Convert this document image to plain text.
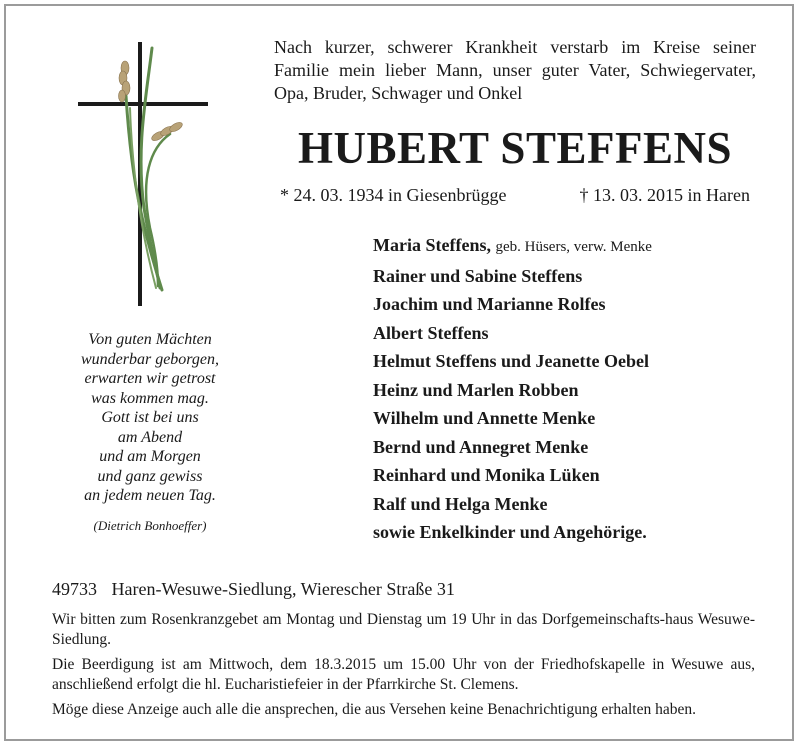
Nach kurzer, schwerer Krankheit verstarb im Kreise seiner
Familie mein lieber Mann, unser guter Vater, Schwiegervater,
Opa, Bruder, Schwager und Onkel
HUBERT STEFFENS
* 24. 03. 1934 in Giesenbrügge	† 13. 03. 2015 in Haren
Maria Steffens, geb. Hüsers, verw. Menke
Rainer und Sabine Steffens
Joachim und Marianne Rolfes
Albert Steffens
Helmut Steffens und Jeanette Oebel
Heinz und Marlen Robben
Wilhelm und Annette Menke
Bernd und Annegret Menke
Reinhard und Monika Lüken
Ralf und Helga Menke
sowie Enkelkinder und Angehörige.
Von guten Mächten
wunderbar geborgen,
erwarten wir getrost
was kommen mag.
Gott ist bei uns
am Abend
und am Morgen
und ganz gewiss
an jedem neuen Tag.
(Dietrich Bonhoeffer)
49733 Haren-Wesuwe-Siedlung, Wierescher Straße 31

Wir bitten zum Rosenkranzgebet am Montag und Dienstag um 19 Uhr in das Dorfgemeinschafts-haus Wesuwe-Siedlung.

Die Beerdigung ist am Mittwoch, dem 18.3.2015 um 15.00 Uhr von der Friedhofskapelle in Wesuwe aus, anschließend erfolgt die hl. Eucharistiefeier in der Pfarrkirche St. Clemens.

Möge diese Anzeige auch alle die ansprechen, die aus Versehen keine Benachrichtigung erhalten haben.
